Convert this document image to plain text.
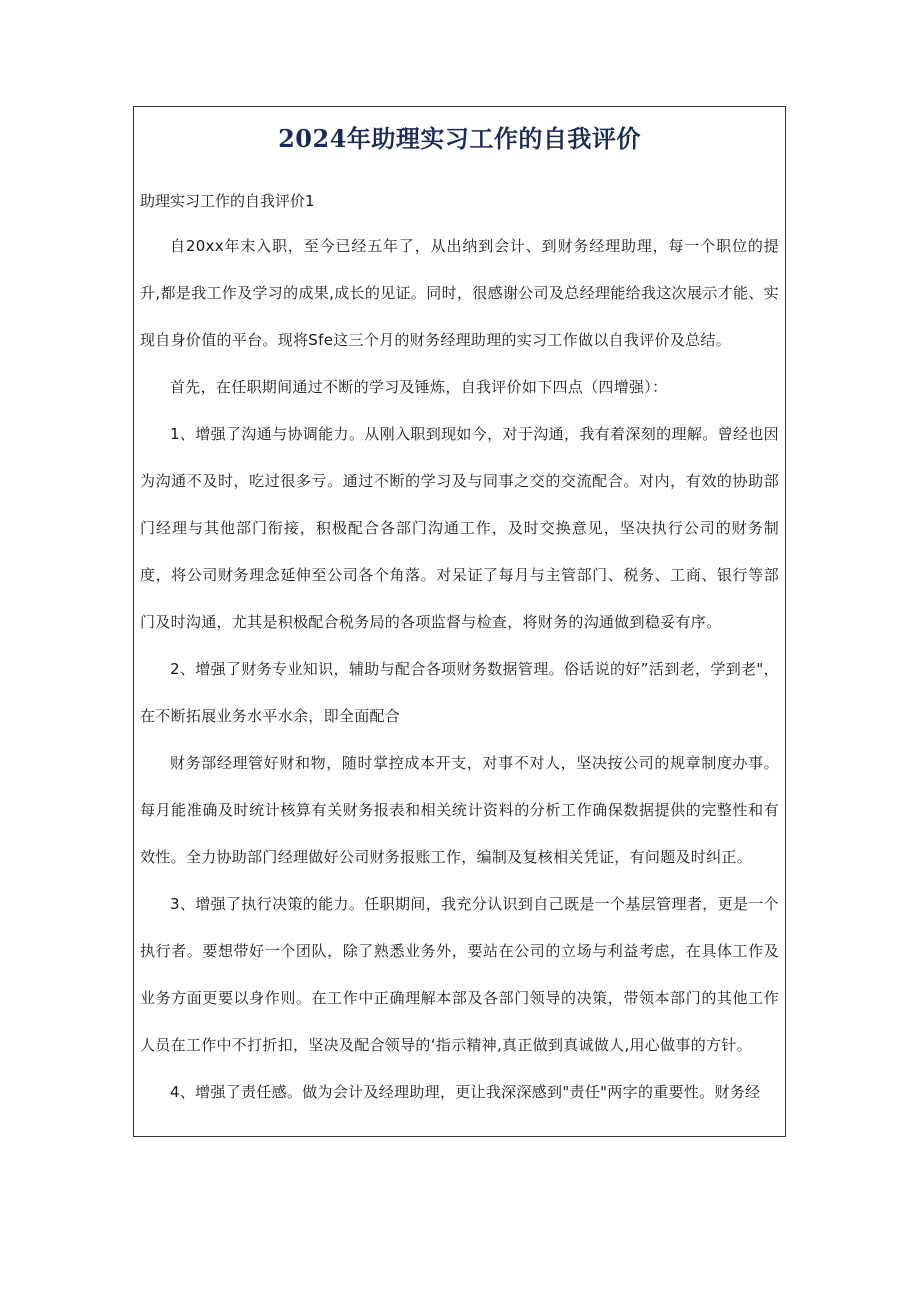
2024年助理实习工作的自我评价

助理实习工作的自我评价1

自20xx年末入职，至今已经五年了，从出纳到会计、到财务经理助理，每一个职位的提升,都是我工作及学习的成果,成长的见证。同时，很感谢公司及总经理能给我这次展示才能、实现自身价值的平台。现将Sfe这三个月的财务经理助理的实习工作做以自我评价及总结。

首先，在任职期间通过不断的学习及锤炼，自我评价如下四点（四增强）：

1、增强了沟通与协调能力。从刚入职到现如今，对于沟通，我有着深刻的理解。曾经也因为沟通不及时，吃过很多亏。通过不断的学习及与同事之交的交流配合。对内，有效的协助部门经理与其他部门衔接，积极配合各部门沟通工作，及时交换意见，坚决执行公司的财务制度，将公司财务理念延伸至公司各个角落。对呆证了每月与主管部门、税务、工商、银行等部门及时沟通，尤其是积极配合税务局的各项监督与检查，将财务的沟通做到稳妥有序。

2、增强了财务专业知识，辅助与配合各项财务数据管理。俗话说的好”活到老，学到老"，在不断拓展业务水平水余，即全面配合

财务部经理管好财和物，随时掌控成本开支，对事不对人，坚决按公司的规章制度办事。每月能准确及时统计核算有关财务报表和相关统计资料的分析工作确保数据提供的完整性和有效性。全力协助部门经理做好公司财务报账工作，编制及复核相关凭证，有问题及时纠正。

3、增强了执行决策的能力。任职期间，我充分认识到自己既是一个基层管理者，更是一个执行者。要想带好一个团队，除了熟悉业务外，要站在公司的立场与利益考虑，在具体工作及业务方面更要以身作则。在工作中正确理解本部及各部门领导的决策，带领本部门的其他工作人员在工作中不打折扣，坚决及配合领导的‘指示精神,真正做到真诚做人,用心做事的方针。

4、增强了责任感。做为会计及经理助理，更让我深深感到"责任"两字的重要性。财务经
